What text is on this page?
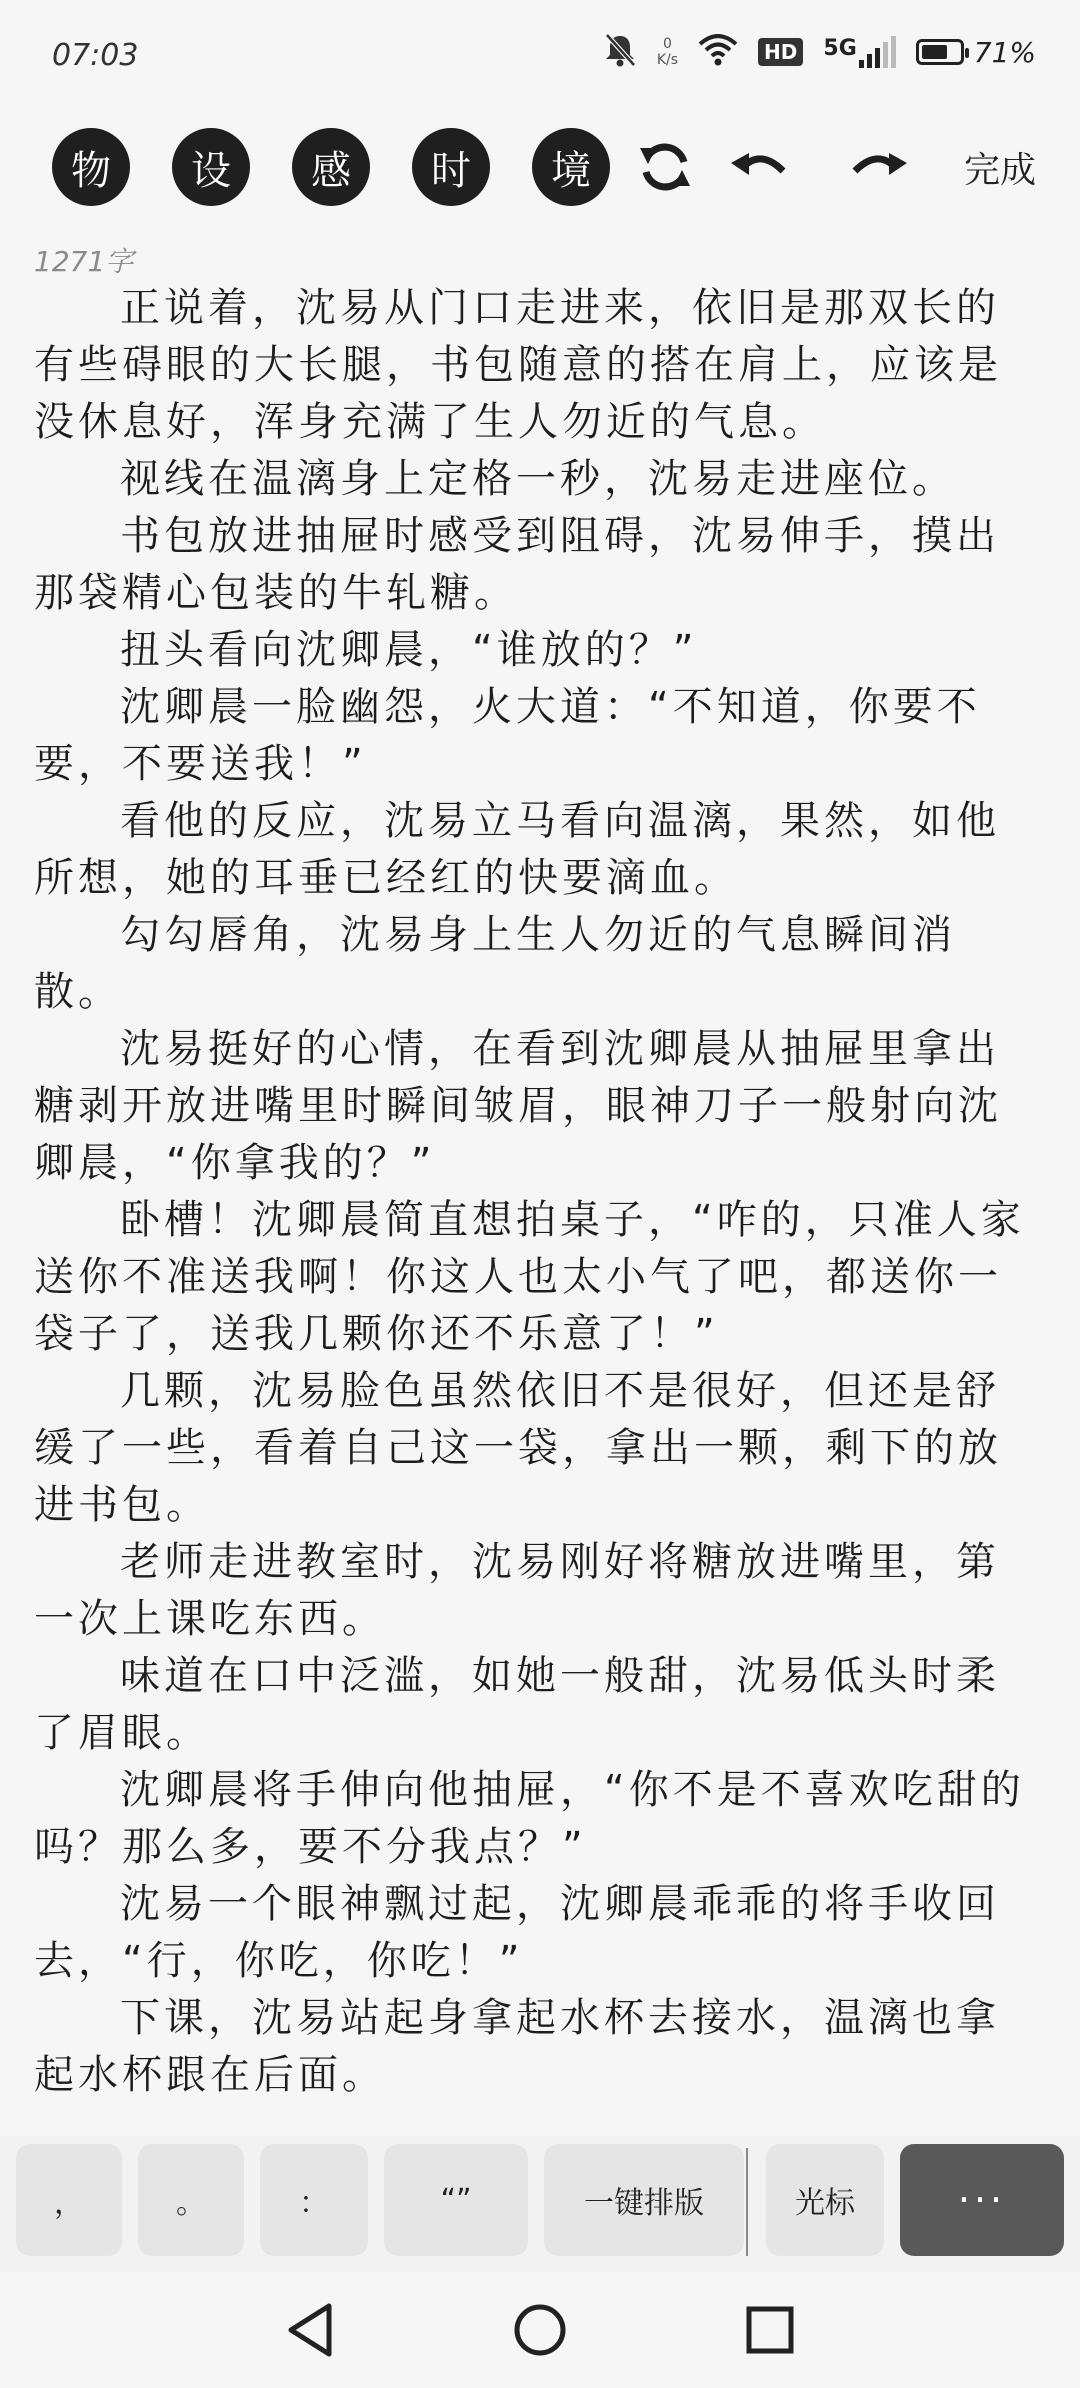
07:03	0
K/s	HD 5G	71%
物	设	感	时	境	完成
1271字

正说着，沈易从门口走进来，依旧是那双长的有些碍眼的大长腿，书包随意的搭在肩上，应该是没休息好，浑身充满了生人勿近的气息。

视线在温漓身上定格一秒，沈易走进座位。

书包放进抽屉时感受到阻碍，沈易伸手，摸出那袋精心包装的牛轧糖。

扭头看向沈卿晨，“谁放的？”

沈卿晨一脸幽怨，火大道：“不知道，你要不要，不要送我！”

看他的反应，沈易立马看向温漓，果然，如他所想，她的耳垂已经红的快要滴血。

勾勾唇角，沈易身上生人勿近的气息瞬间消散。

沈易挺好的心情，在看到沈卿晨从抽屉里拿出糖剥开放进嘴里时瞬间皱眉，眼神刀子一般射向沈卿晨，“你拿我的？”

卧槽！沈卿晨简直想拍桌子，“咋的，只准人家送你不准送我啊！你这人也太小气了吧，都送你一袋子了，送我几颗你还不乐意了！”

几颗，沈易脸色虽然依旧不是很好，但还是舒缓了一些，看着自己这一袋，拿出一颗，剩下的放进书包。

老师走进教室时，沈易刚好将糖放进嘴里，第一次上课吃东西。

味道在口中泛滥，如她一般甜，沈易低头时柔了眉眼。

沈卿晨将手伸向他抽屉，“你不是不喜欢吃甜的吗？那么多，要不分我点？”

沈易一个眼神飘过起，沈卿晨乖乖的将手收回去，“行，你吃，你吃！”

下课，沈易站起身拿起水杯去接水，温漓也拿起水杯跟在后面。

，	。	：	“”	一键排版	光标	···
